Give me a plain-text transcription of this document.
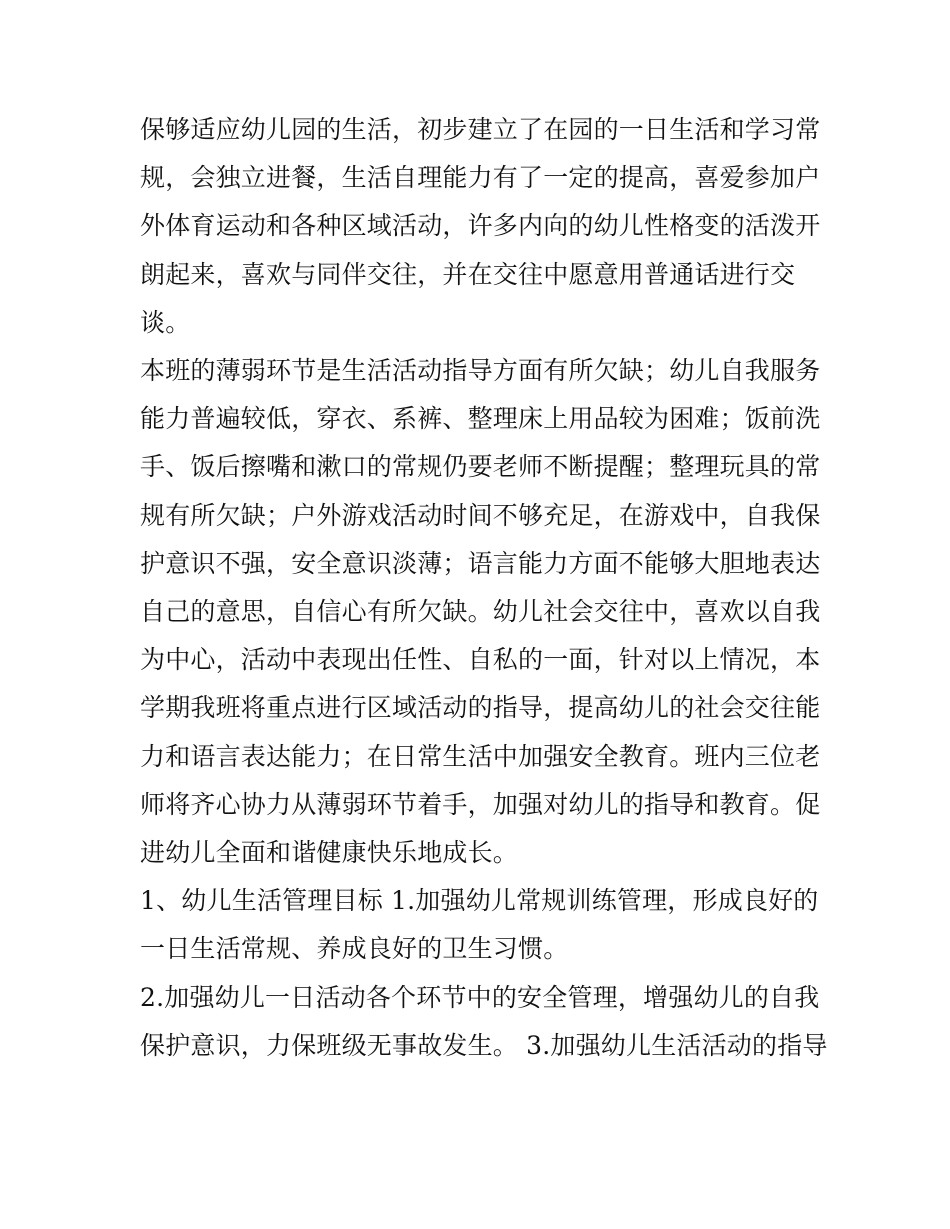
保够适应幼儿园的生活，初步建立了在园的一日生活和学习常
规，会独立进餐，生活自理能力有了一定的提高，喜爱参加户
外体育运动和各种区域活动，许多内向的幼儿性格变的活泼开
朗起来，喜欢与同伴交往，并在交往中愿意用普通话进行交
谈。

本班的薄弱环节是生活活动指导方面有所欠缺；幼儿自我服务
能力普遍较低，穿衣、系裤、整理床上用品较为困难；饭前洗
手、饭后擦嘴和漱口的常规仍要老师不断提醒；整理玩具的常
规有所欠缺；户外游戏活动时间不够充足，在游戏中，自我保
护意识不强，安全意识淡薄；语言能力方面不能够大胆地表达
自己的意思，自信心有所欠缺。幼儿社会交往中，喜欢以自我
为中心，活动中表现出任性、自私的一面，针对以上情况，本
学期我班将重点进行区域活动的指导，提高幼儿的社会交往能
力和语言表达能力；在日常生活中加强安全教育。班内三位老
师将齐心协力从薄弱环节着手，加强对幼儿的指导和教育。促
进幼儿全面和谐健康快乐地成长。

1、幼儿生活管理目标 1.加强幼儿常规训练管理，形成良好的
一日生活常规、养成良好的卫生习惯。

2.加强幼儿一日活动各个环节中的安全管理，增强幼儿的自我
保护意识，力保班级无事故发生。 3.加强幼儿生活活动的指导
